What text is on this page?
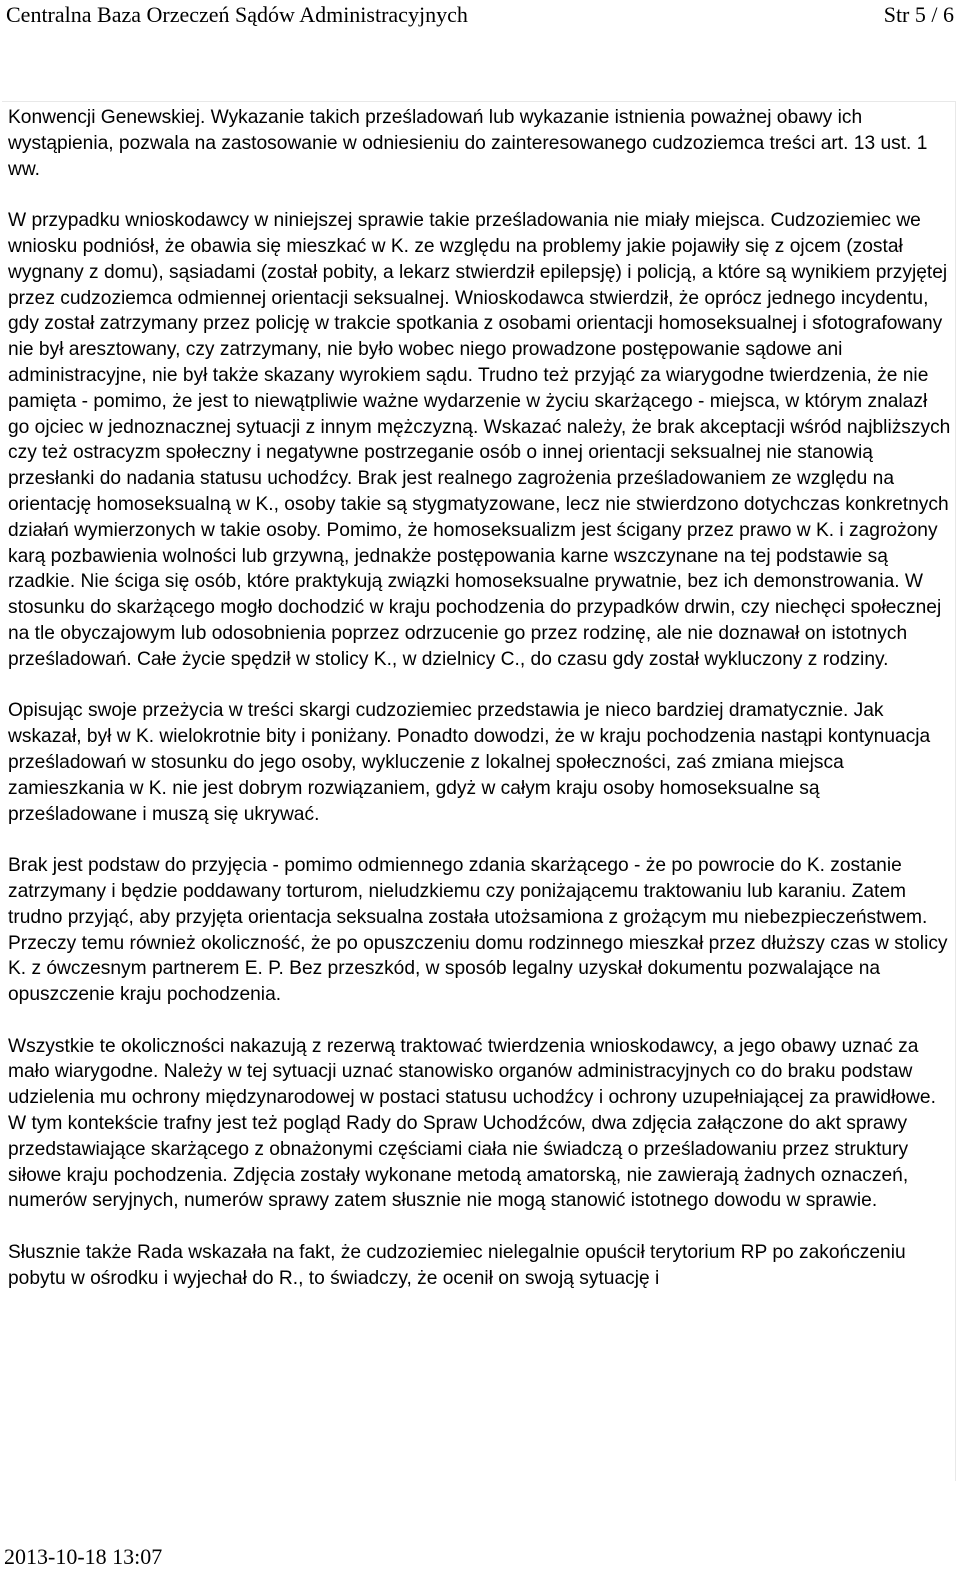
Centralna Baza Orzeczeń Sądów Administracyjnych	Str 5 / 6

Konwencji Genewskiej. Wykazanie takich prześladowań lub wykazanie istnienia poważnej obawy ich wystąpienia, pozwala na zastosowanie w odniesieniu do zainteresowanego cudzoziemca treści art. 13 ust. 1 ww.

W przypadku wnioskodawcy w niniejszej sprawie takie prześladowania nie miały miejsca. Cudzoziemiec we wniosku podniósł, że obawia się mieszkać w K. ze względu na problemy jakie pojawiły się z ojcem (został wygnany z domu), sąsiadami (został pobity, a lekarz stwierdził epilepsję) i policją, a które są wynikiem przyjętej przez cudzoziemca odmiennej orientacji seksualnej. Wnioskodawca stwierdził, że oprócz jednego incydentu, gdy został zatrzymany przez policję w trakcie spotkania z osobami orientacji homoseksualnej i sfotografowany nie był aresztowany, czy zatrzymany, nie było wobec niego prowadzone postępowanie sądowe ani administracyjne, nie był także skazany wyrokiem sądu. Trudno też przyjąć za wiarygodne twierdzenia, że nie pamięta - pomimo, że jest to niewątpliwie ważne wydarzenie w życiu skarżącego - miejsca, w którym znalazł go ojciec w jednoznacznej sytuacji z innym mężczyzną. Wskazać należy, że brak akceptacji wśród najbliższych czy też ostracyzm społeczny i negatywne postrzeganie osób o innej orientacji seksualnej nie stanowią przesłanki do nadania statusu uchodźcy. Brak jest realnego zagrożenia prześladowaniem ze względu na orientację homoseksualną w K., osoby takie są stygmatyzowane, lecz nie stwierdzono dotychczas konkretnych działań wymierzonych w takie osoby. Pomimo, że homoseksualizm jest ścigany przez prawo w K. i zagrożony karą pozbawienia wolności lub grzywną, jednakże postępowania karne wszczynane na tej podstawie są rzadkie. Nie ściga się osób, które praktykują związki homoseksualne prywatnie, bez ich demonstrowania. W stosunku do skarżącego mogło dochodzić w kraju pochodzenia do przypadków drwin, czy niechęci społecznej na tle obyczajowym lub odosobnienia poprzez odrzucenie go przez rodzinę, ale nie doznawał on istotnych prześladowań. Całe życie spędził w stolicy K., w dzielnicy C., do czasu gdy został wykluczony z rodziny.

Opisując swoje przeżycia w treści skargi cudzoziemiec przedstawia je nieco bardziej dramatycznie. Jak wskazał, był w K. wielokrotnie bity i poniżany. Ponadto dowodzi, że w kraju pochodzenia nastąpi kontynuacja prześladowań w stosunku do jego osoby, wykluczenie z lokalnej społeczności, zaś zmiana miejsca zamieszkania w K. nie jest dobrym rozwiązaniem, gdyż w całym kraju osoby homoseksualne są prześladowane i muszą się ukrywać.

Brak jest podstaw do przyjęcia - pomimo odmiennego zdania skarżącego - że po powrocie do K. zostanie zatrzymany i będzie poddawany torturom, nieludzkiemu czy poniżającemu traktowaniu lub karaniu. Zatem trudno przyjąć, aby przyjęta orientacja seksualna została utożsamiona z grożącym mu niebezpieczeństwem. Przeczy temu również okoliczność, że po opuszczeniu domu rodzinnego mieszkał przez dłuższy czas w stolicy K. z ówczesnym partnerem E. P. Bez przeszkód, w sposób legalny uzyskał dokumentu pozwalające na opuszczenie kraju pochodzenia.

Wszystkie te okoliczności nakazują z rezerwą traktować twierdzenia wnioskodawcy, a jego obawy uznać za mało wiarygodne. Należy w tej sytuacji uznać stanowisko organów administracyjnych co do braku podstaw udzielenia mu ochrony międzynarodowej w postaci statusu uchodźcy i ochrony uzupełniającej za prawidłowe. W tym kontekście trafny jest też pogląd Rady do Spraw Uchodźców, dwa zdjęcia załączone do akt sprawy przedstawiające skarżącego z obnażonymi częściami ciała nie świadczą o prześladowaniu przez struktury siłowe kraju pochodzenia. Zdjęcia zostały wykonane metodą amatorską, nie zawierają żadnych oznaczeń, numerów seryjnych, numerów sprawy zatem słusznie nie mogą stanowić istotnego dowodu w sprawie.

Słusznie także Rada wskazała na fakt, że cudzoziemiec nielegalnie opuścił terytorium RP po zakończeniu pobytu w ośrodku i wyjechał do R., to świadczy, że ocenił on swoją sytuację i

2013-10-18 13:07
